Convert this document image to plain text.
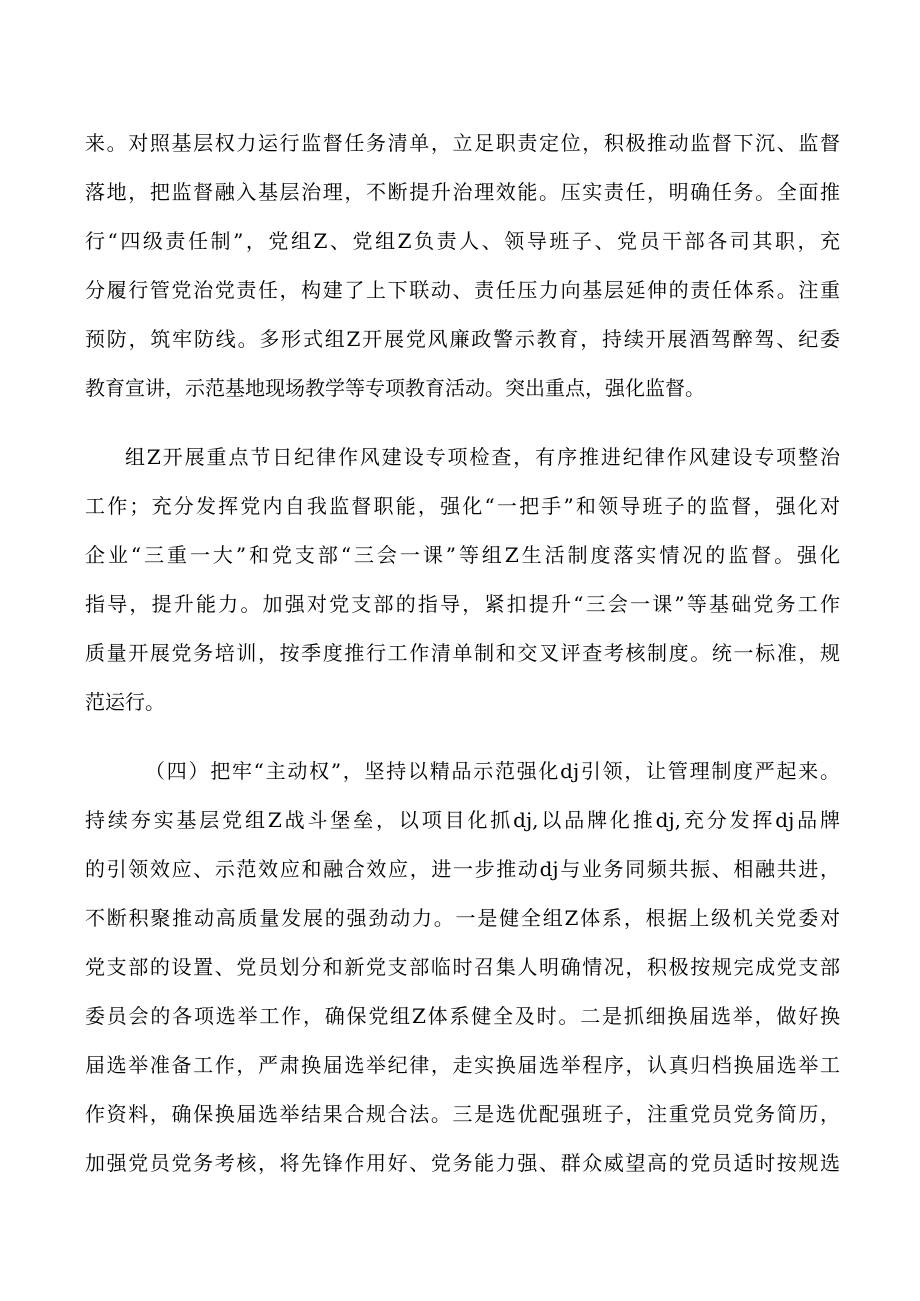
来。对照基层权力运行监督任务清单，立足职责定位，积极推动监督下沉、监督
落地，把监督融入基层治理，不断提升治理效能。压实责任，明确任务。全面推
行“四级责任制”，党组Z、党组Z负责人、领导班子、党员干部各司其职，充
分履行管党治党责任，构建了上下联动、责任压力向基层延伸的责任体系。注重
预防，筑牢防线。多形式组Z开展党风廉政警示教育，持续开展酒驾醉驾、纪委
教育宣讲，示范基地现场教学等专项教育活动。突出重点，强化监督。
组Z开展重点节日纪律作风建设专项检查，有序推进纪律作风建设专项整治
工作；充分发挥党内自我监督职能，强化“一把手”和领导班子的监督，强化对
企业“三重一大”和党支部“三会一课”等组Z生活制度落实情况的监督。强化
指导，提升能力。加强对党支部的指导，紧扣提升“三会一课”等基础党务工作
质量开展党务培训，按季度推行工作清单制和交叉评查考核制度。统一标准，规
范运行。
（四）把牢“主动权”，坚持以精品示范强化dj引领，让管理制度严起来。
持续夯实基层党组Z战斗堡垒，以项目化抓dj,以品牌化推dj,充分发挥dj品牌
的引领效应、示范效应和融合效应，进一步推动dj与业务同频共振、相融共进，
不断积聚推动高质量发展的强劲动力。一是健全组Z体系，根据上级机关党委对
党支部的设置、党员划分和新党支部临时召集人明确情况，积极按规完成党支部
委员会的各项选举工作，确保党组Z体系健全及时。二是抓细换届选举，做好换
届选举准备工作，严肃换届选举纪律，走实换届选举程序，认真归档换届选举工
作资料，确保换届选举结果合规合法。三是选优配强班子，注重党员党务简历，
加强党员党务考核，将先锋作用好、党务能力强、群众威望高的党员适时按规选
